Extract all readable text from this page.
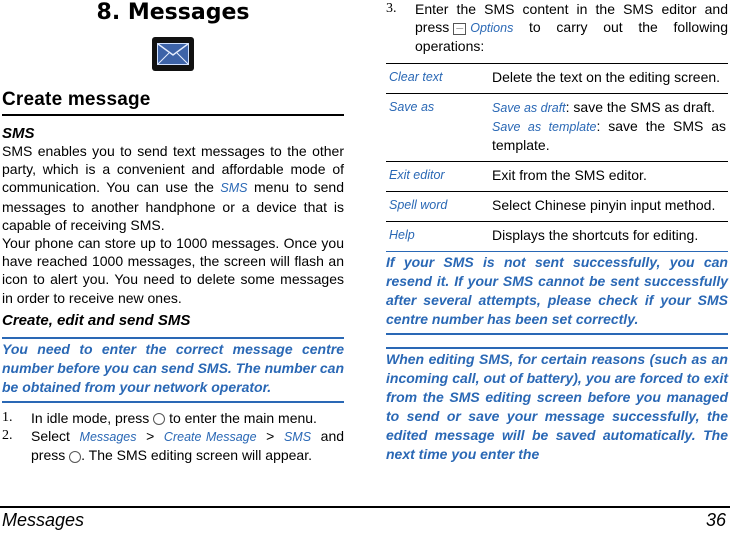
8. Messages
Create message
SMS

SMS enables you to send text messages to the other party, which is a convenient and affordable mode of communication. You can use the SMS menu to send messages to another handphone or a device that is capable of receiving SMS.

Your phone can store up to 1000 messages. Once you have reached 1000 messages, the screen will flash an icon to alert you. You need to delete some messages in order to receive new ones.

Create, edit and send SMS
You need to enter the correct message centre number before you can send SMS. The number can be obtained from your network operator.
1.	In idle mode, press to enter the main menu.
2.	Select Messages > Create Message > SMS and press . The SMS editing screen will appear.
3.	Enter the SMS content in the SMS editor and press — Options to carry out the following operations:
Clear text	Delete the text on the editing screen.
Save as	Save as draft: save the SMS as draft.
Save as template: save the SMS as template.
Exit editor	Exit from the SMS editor.
Spell word	Select Chinese pinyin input method.
Help	Displays the shortcuts for editing.
If your SMS is not sent successfully, you can resend it. If your SMS cannot be sent successfully after several attempts, please check if your SMS centre number has been set correctly.
When editing SMS, for certain reasons (such as an incoming call, out of battery), you are forced to exit from the SMS editing screen before you managed to send or save your message successfully, the edited message will be saved automatically. The next time you enter the
Messages	36
